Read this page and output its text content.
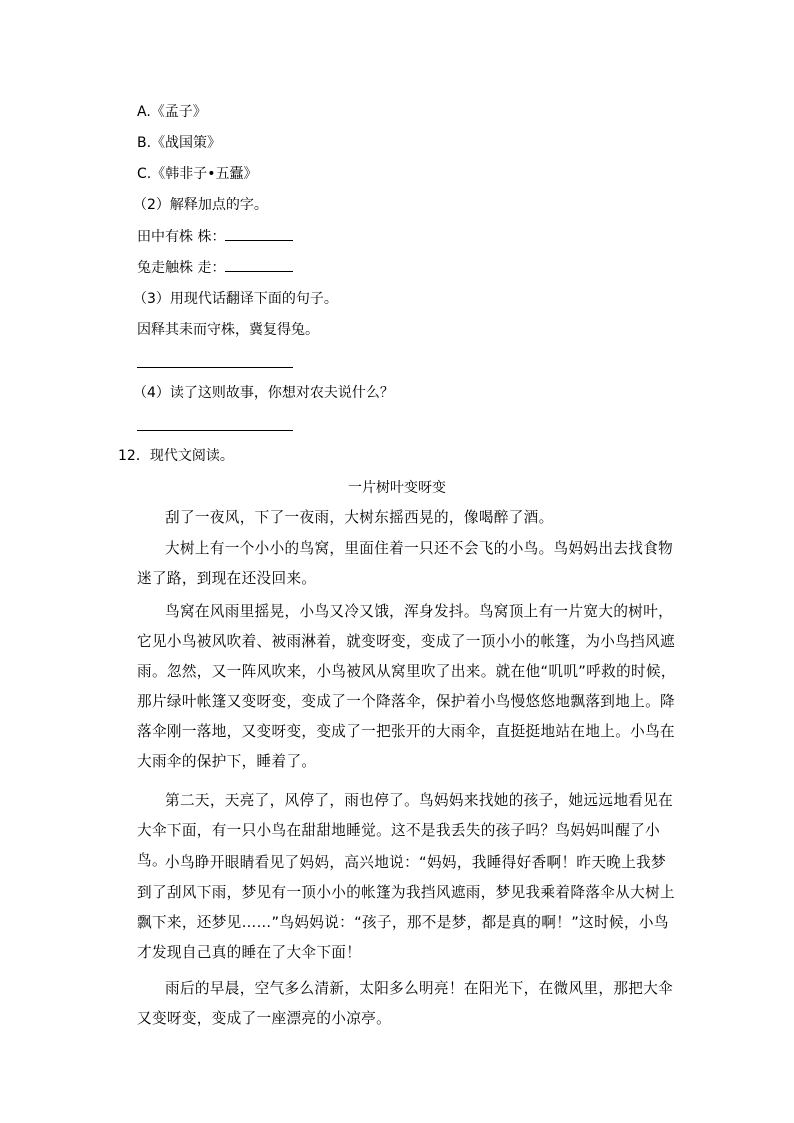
A.《孟子》
B.《战国策》
C.《韩非子•五蠹》
（2）解释加点的字。
田中有株 株：
兔走触株 走：
（3）用现代话翻译下面的句子。
因释其耒而守株，冀复得兔。
（4）读了这则故事，你想对农夫说什么？
12．现代文阅读。
一片树叶变呀变
刮了一夜风，下了一夜雨，大树东摇西晃的，像喝醉了酒。
大树上有一个小小的鸟窝，里面住着一只还不会飞的小鸟。鸟妈妈出去找食物迷了路，到现在还没回来。
鸟窝在风雨里摇晃，小鸟又冷又饿，浑身发抖。鸟窝顶上有一片宽大的树叶，它见小鸟被风吹着、被雨淋着，就变呀变，变成了一顶小小的帐篷，为小鸟挡风遮雨。忽然，又一阵风吹来，小鸟被风从窝里吹了出来。就在他“叽叽”呼救的时候，那片绿叶帐篷又变呀变，变成了一个降落伞，保护着小鸟慢悠悠地飘落到地上。降落伞刚一落地，又变呀变，变成了一把张开的大雨伞，直挺挺地站在地上。小鸟在大雨伞的保护下，睡着了。
第二天，天亮了，风停了，雨也停了。鸟妈妈来找她的孩子，她远远地看见在大伞下面，有一只小鸟在甜甜地睡觉。这不是我丢失的孩子吗？鸟妈妈叫醒了小鸟。
小鸟睁开眼睛看见了妈妈，高兴地说：“妈妈，我睡得好香啊！昨天晚上我梦到了刮风下雨，梦见有一顶小小的帐篷为我挡风遮雨，梦见我乘着降落伞从大树上飘下来，还梦见……”鸟妈妈说：“孩子，那不是梦，都是真的啊！”这时候，小鸟才发现自己真的睡在了大伞下面！
雨后的早晨，空气多么清新，太阳多么明亮！在阳光下，在微风里，那把大伞又变呀变，变成了一座漂亮的小凉亭。
